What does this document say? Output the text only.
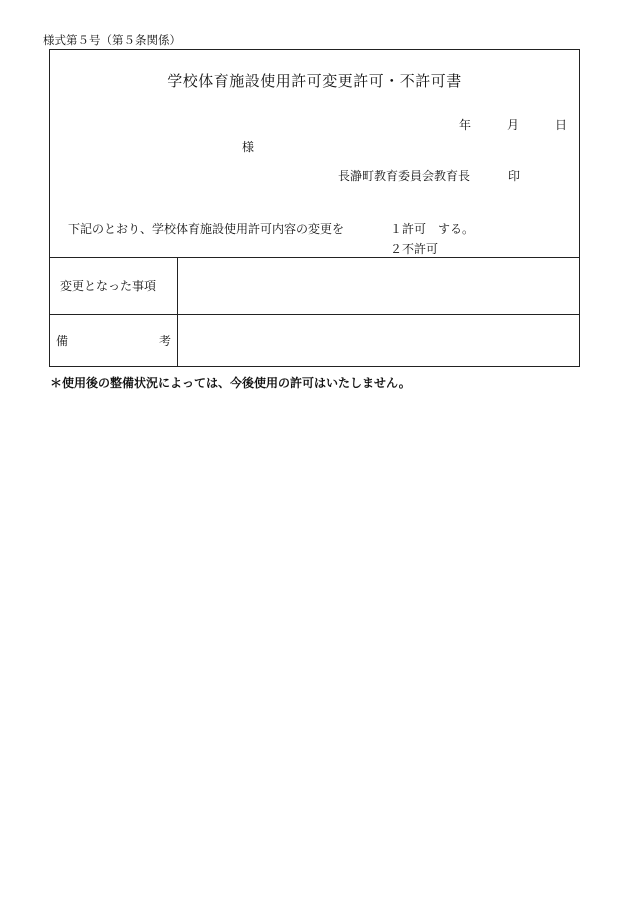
様式第５号（第５条関係）
学校体育施設使用許可変更許可・不許可書
年	月	日
様
長瀞町教育委員会教育長	印
下記のとおり、学校体育施設使用許可内容の変更を	１許可 する。
２不許可
変更となった事項
備	考
＊使用後の整備状況によっては、今後使用の許可はいたしません。
